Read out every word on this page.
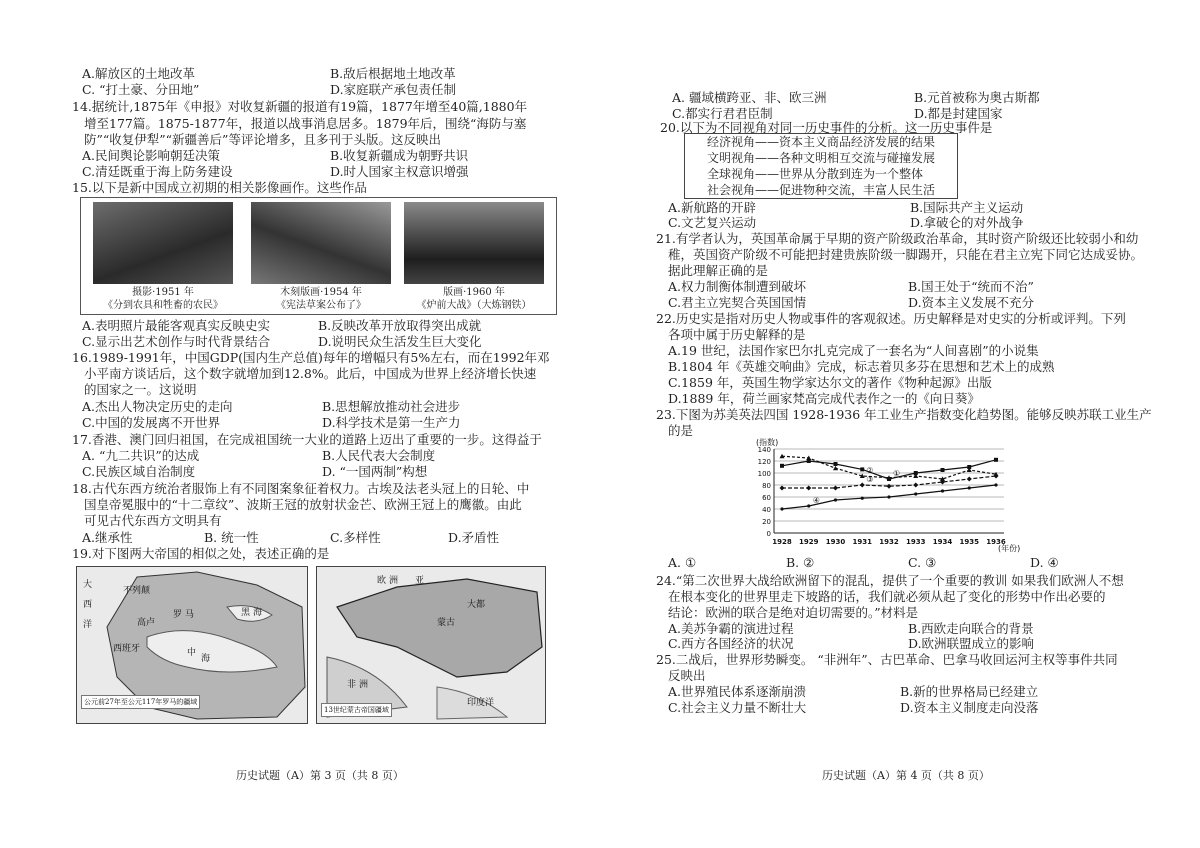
A.解放区的土地改革	B.敌后根据地土地改革
C. “打土豪、分田地”	D.家庭联产承包责任制
14.据统计,1875年《申报》对收复新疆的报道有19篇，1877年增至40篇,1880年
增至177篇。1875-1877年，报道以战事消息居多。1879年后，围绕“海防与塞
防”“收复伊犁”“新疆善后”等评论增多，且多刊于头版。这反映出
A.民间舆论影响朝廷决策	B.收复新疆成为朝野共识
C.清廷既重于海上防务建设	D.时人国家主权意识增强
15.以下是新中国成立初期的相关影像画作。这些作品
摄影·1951 年
《分到农具和牲畜的农民》
木刻版画·1954 年
《宪法草案公布了》
版画·1960 年
《炉前大战》（大炼钢铁）
A.表明照片最能客观真实反映史实	B.反映改革开放取得突出成就
C.显示出艺术创作与时代背景结合	D.说明民众生活发生巨大变化
16.1989-1991年，中国GDP(国内生产总值)每年的增幅只有5%左右，而在1992年邓
小平南方谈话后，这个数字就增加到12.8%。此后，中国成为世界上经济增长快速
的国家之一。这说明
A.杰出人物决定历史的走向	B.思想解放推动社会进步
C.中国的发展离不开世界	D.科学技术是第一生产力
17.香港、澳门回归祖国，在完成祖国统一大业的道路上迈出了重要的一步。这得益于
A. “九二共识”的达成	B.人民代表大会制度
C.民族区域自治制度	D. “一国两制”构想
18.古代东西方统治者服饰上有不同图案象征着权力。古埃及法老头冠上的日轮、中
国皇帝冕服中的“十二章纹”、波斯王冠的放射状金芒、欧洲王冠上的鹰徽。由此
可见古代东西方文明具有
A.继承性	B. 统一性	C.多样性	D.矛盾性
19.对下图两大帝国的相似之处，表述正确的是
大
西
洋
黑 海
罗 马
中
海
不列颠
高卢
西班牙
公元前27年至公元117年罗马的疆域
亚
欧 洲
非 洲
大都
印度洋
蒙古
13世纪蒙古帝国疆域
历史试题（A）第 3 页（共 8 页）
A. 疆域横跨亚、非、欧三洲	B.元首被称为奥古斯都
C.都实行君君臣制	D.都是封建国家
20.以下为不同视角对同一历史事件的分析。这一历史事件是
经济视角——资本主义商品经济发展的结果
文明视角——各种文明相互交流与碰撞发展
全球视角——世界从分散到连为一个整体
社会视角——促进物种交流，丰富人民生活
A.新航路的开辟	B.国际共产主义运动
C.文艺复兴运动	D.拿破仑的对外战争
21.有学者认为，英国革命属于早期的资产阶级政治革命，其时资产阶级还比较弱小和幼
稚，英国资产阶级不可能把封建贵族阶级一脚踢开，只能在君主立宪下同它达成妥协。
据此理解正确的是
A.权力制衡体制遭到破坏	B.国王处于“统而不治”
C.君主立宪契合英国国情	D.资本主义发展不充分
22.历史实是指对历史人物或事件的客观叙述。历史解释是对史实的分析或评判。下列
各项中属于历史解释的是
A.19 世纪，法国作家巴尔扎克完成了一套名为“人间喜剧”的小说集
B.1804 年《英雄交响曲》完成，标志着贝多芬在思想和艺术上的成熟
C.1859 年，英国生物学家达尔文的著作《物种起源》出版
D.1889 年，荷兰画家梵高完成代表作之一的《向日葵》
23.下图为苏美英法四国 1928-1936 年工业生产指数变化趋势图。能够反映苏联工业生产
的是
(指数)
(年份)
0
20
40
60
80
100
120
140
1928 1929 1930 1931 1932 1933 1934 1935 1936
①
②
③
④
A. ①	B. ②	C. ③	D. ④
24.“第二次世界大战给欧洲留下的混乱，提供了一个重要的教训 如果我们欧洲人不想
在根本变化的世界里走下坡路的话，我们就必须从起了变化的形势中作出必要的
结论：欧洲的联合是绝对迫切需要的。”材料是
A.美苏争霸的演进过程	B.西欧走向联合的背景
C.西方各国经济的状况	D.欧洲联盟成立的影响
25.二战后，世界形势瞬变。 “非洲年”、古巴革命、巴拿马收回运河主权等事件共同
反映出
A.世界殖民体系逐渐崩溃	B.新的世界格局已经建立
C.社会主义力量不断壮大	D.资本主义制度走向没落
历史试题（A）第 4 页（共 8 页）
